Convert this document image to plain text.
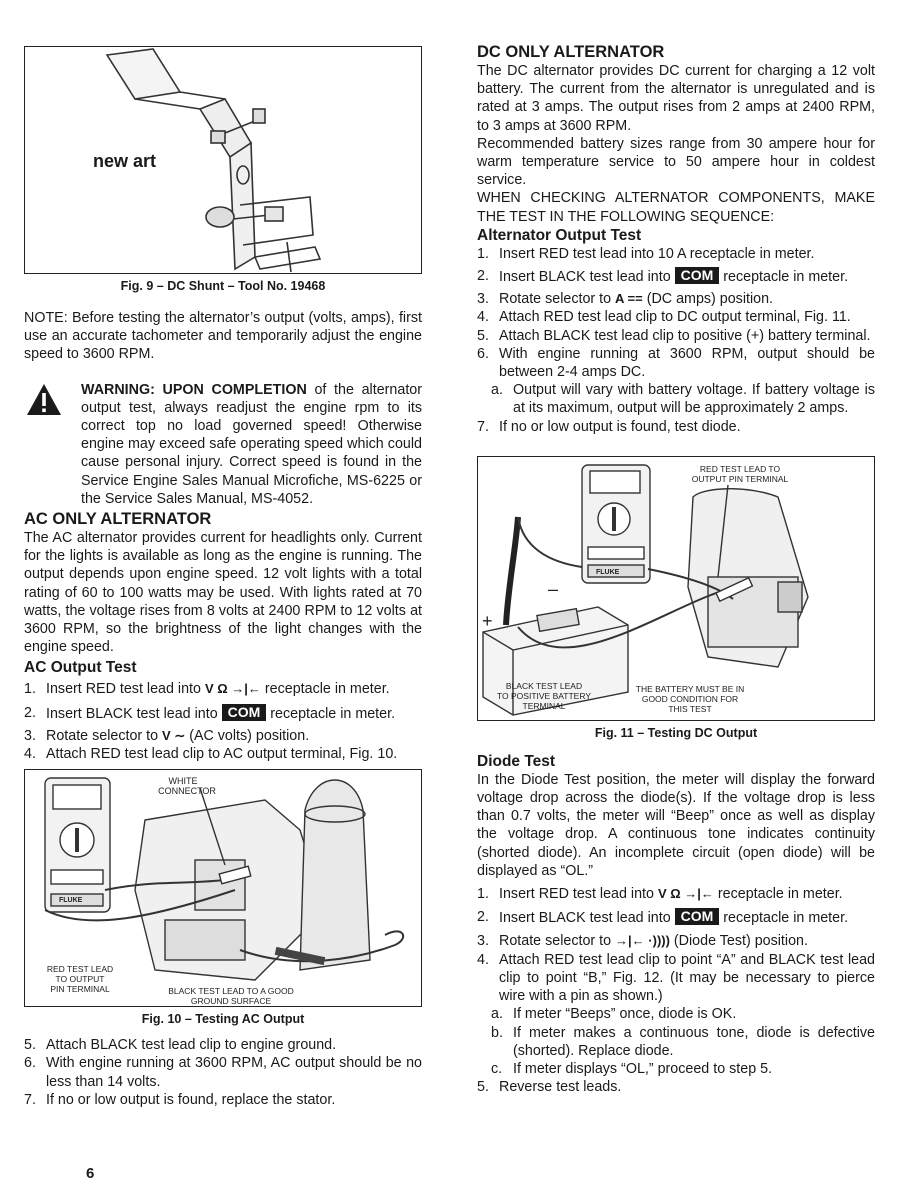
new art
Fig. 9 – DC Shunt – Tool No. 19468

NOTE: Before testing the alternator’s output (volts, amps), first use an accurate tachometer and temporarily adjust the engine speed to 3600 RPM.

WARNING: UPON COMPLETION of the alternator output test, always readjust the engine rpm to its correct top no load governed speed! Otherwise engine may exceed safe operating speed which could cause personal injury. Correct speed is found in the Service Engine Sales Manual Microfiche, MS-6225 or the Service Sales Manual, MS-4052.

AC ONLY ALTERNATOR

The AC alternator provides current for headlights only. Current for the lights is available as long as the engine is running. The output depends upon engine speed. 12 volt lights with a total rating of 60 to 100 watts may be used. With lights rated at 70 watts, the voltage rises from 8 volts at 2400 RPM to 12 volts at 3600 RPM, so the brightness of the light changes with the engine speed.

AC Output Test
1. Insert RED test lead into V Ω →|← receptacle in meter.
2. Insert BLACK test lead into COM receptacle in meter.
3. Rotate selector to V ∼ (AC volts) position.
4. Attach RED test lead clip to AC output terminal, Fig. 10.
FLUKE
WHITE
CONNECTOR
RED TEST LEAD
TO OUTPUT
PIN TERMINAL	BLACK TEST LEAD TO A GOOD
GROUND SURFACE
Fig. 10 – Testing AC Output
5. Attach BLACK test lead clip to engine ground.
6. With engine running at 3600 RPM, AC output should be no less than 14 volts.
7. If no or low output is found, replace the stator.
DC ONLY ALTERNATOR

The DC alternator provides DC current for charging a 12 volt battery. The current from the alternator is unregulated and is rated at 3 amps. The output rises from 2 amps at 2400 RPM, to 3 amps at 3600 RPM.

Recommended battery sizes range from 30 ampere hour for warm temperature service to 50 ampere hour in coldest service.

WHEN CHECKING ALTERNATOR COMPONENTS, MAKE THE TEST IN THE FOLLOWING SEQUENCE:

Alternator Output Test
1. Insert RED test lead into 10 A receptacle in meter.
2. Insert BLACK test lead into COM receptacle in meter.
3. Rotate selector to A == (DC amps) position.
4. Attach RED test lead clip to DC output terminal, Fig. 11.
5. Attach BLACK test lead clip to positive (+) battery terminal.
6. With engine running at 3600 RPM, output should be between 2-4 amps DC.
a. Output will vary with battery voltage. If battery voltage is at its maximum, output will be approximately 2 amps.
7. If no or low output is found, test diode.
FLUKE
+
–
RED TEST LEAD TO
OUTPUT PIN TERMINAL
BLACK TEST LEAD
TO POSITIVE BATTERY
TERMINAL
THE BATTERY MUST BE IN
GOOD CONDITION FOR
THIS TEST
Fig. 11 – Testing DC Output
Diode Test

In the Diode Test position, the meter will display the forward voltage drop across the diode(s). If the voltage drop is less than 0.7 volts, the meter will “Beep” once as well as display the voltage drop. A continuous tone indicates continuity (shorted diode). An incomplete circuit (open diode) will be displayed as “OL.”

1. Insert RED test lead into V Ω →|← receptacle in meter.
2. Insert BLACK test lead into COM receptacle in meter.
3. Rotate selector to →|← ·)))) (Diode Test) position.
4. Attach RED test lead clip to point “A” and BLACK test lead clip to point “B,” Fig. 12. (It may be necessary to pierce wire with a pin as shown.)
a. If meter “Beeps” once, diode is OK.
b. If meter makes a continuous tone, diode is defective (shorted). Replace diode.
c. If meter displays “OL,” proceed to step 5.
5. Reverse test leads.
6
